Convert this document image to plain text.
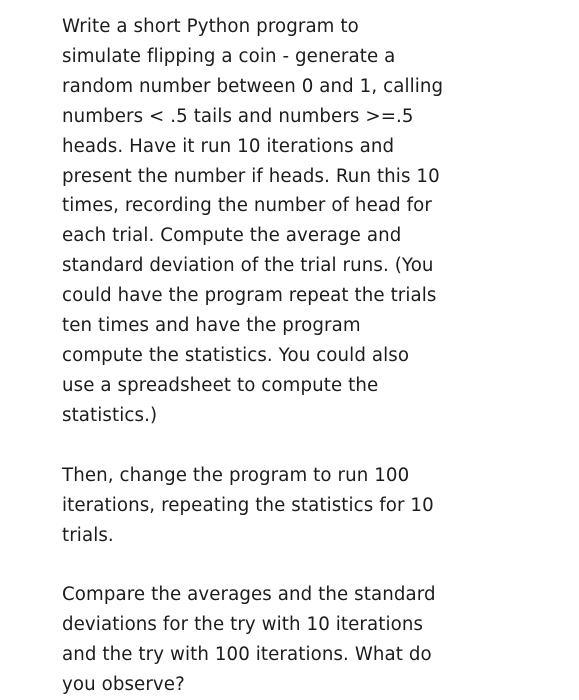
Write a short Python program to
simulate flipping a coin - generate a
random number between 0 and 1, calling
numbers < .5 tails and numbers >=.5
heads. Have it run 10 iterations and
present the number if heads. Run this 10
times, recording the number of head for
each trial. Compute the average and
standard deviation of the trial runs. (You
could have the program repeat the trials
ten times and have the program
compute the statistics. You could also
use a spreadsheet to compute the
statistics.)

Then, change the program to run 100
iterations, repeating the statistics for 10
trials.

Compare the averages and the standard
deviations for the try with 10 iterations
and the try with 100 iterations. What do
you observe?
